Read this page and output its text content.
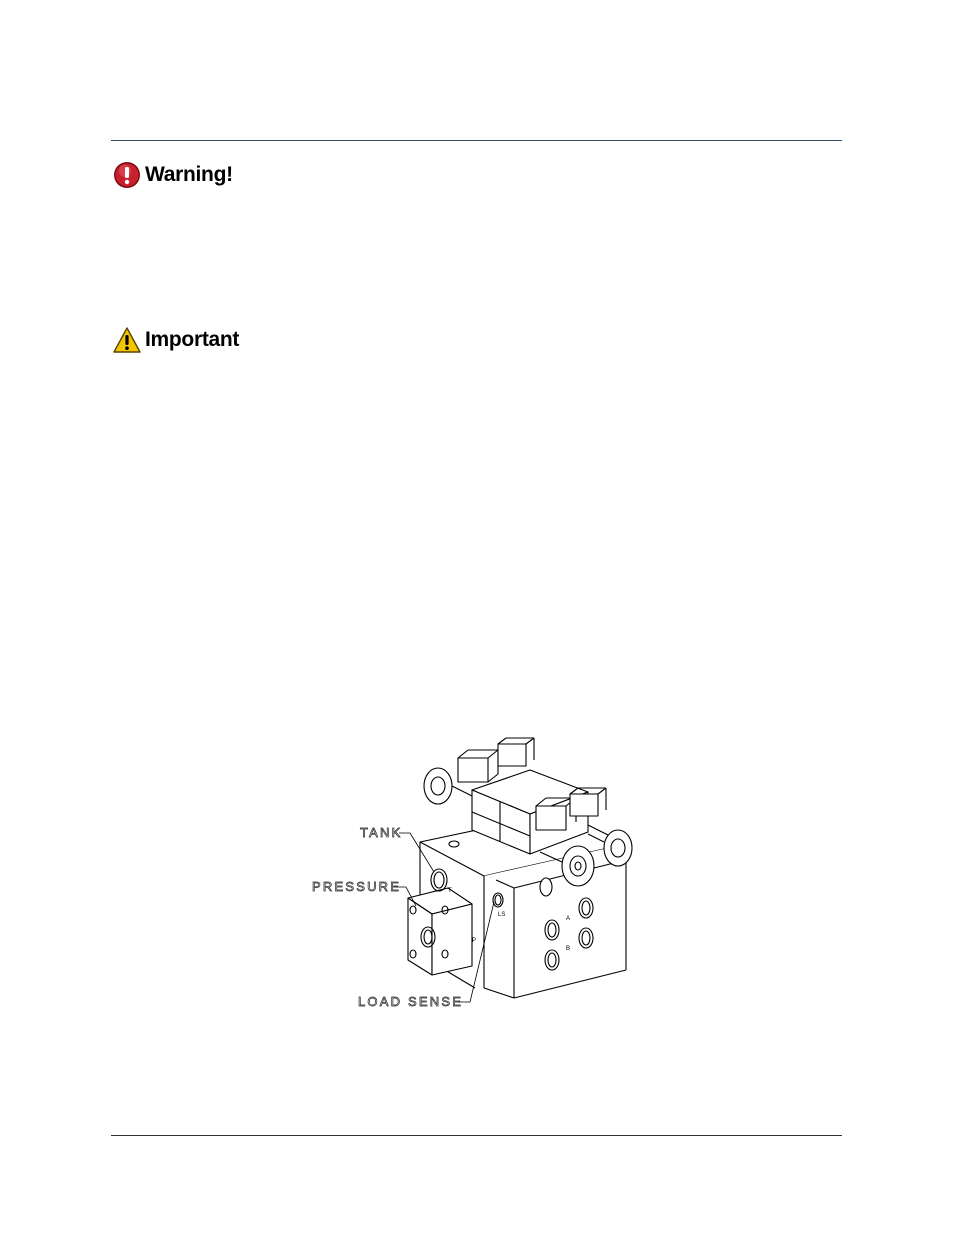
Warning!
Important
TANK
PRESSURE
LOAD SENSE
T
P
LS
A
B
